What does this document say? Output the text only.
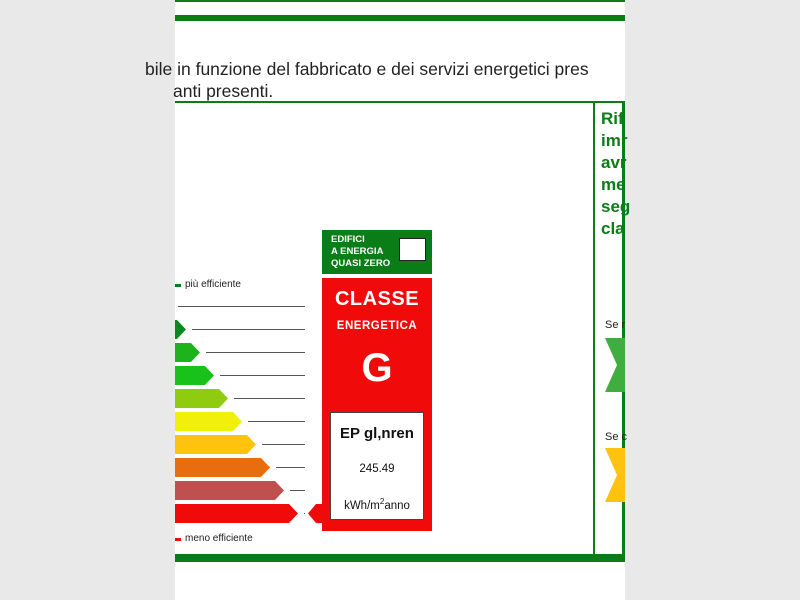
bile in funzione del fabbricato e dei servizi energetici pres
anti presenti.
Rif
imr
avr
me
seg
cla
Se r
Se c
più efficiente
meno efficiente
EDIFICI
A ENERGIA
QUASI ZERO
CLASSE
ENERGETICA
G
EP gl,nren
245.49
kWh/$m^2anno$
